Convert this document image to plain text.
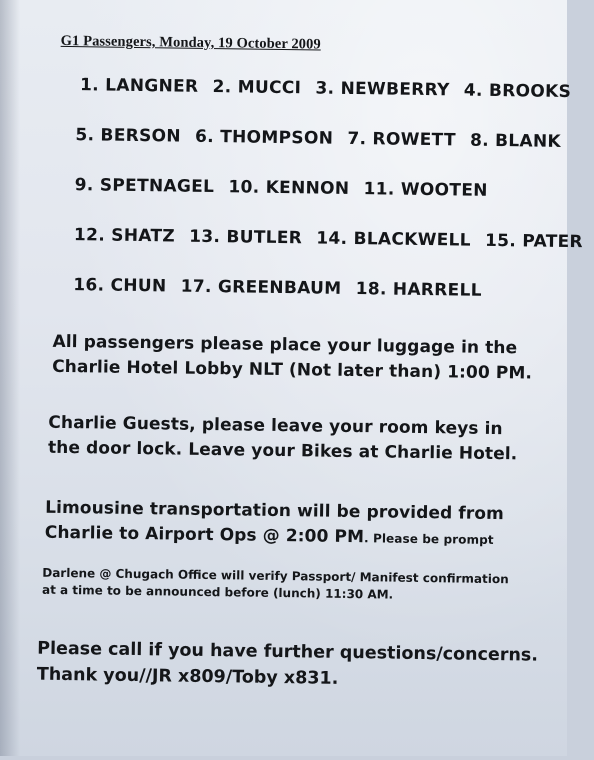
G1 Passengers, Monday, 19 October 2009
1. LANGNER 2. MUCCI 3. NEWBERRY 4. BROOKS
5. BERSON 6. THOMPSON 7. ROWETT 8. BLANK
9. SPETNAGEL 10. KENNON 11. WOOTEN
12. SHATZ 13. BUTLER 14. BLACKWELL 15. PATER
16. CHUN 17. GREENBAUM 18. HARRELL
All passengers please place your luggage in the
Charlie Hotel Lobby NLT (Not later than) 1:00 PM.
Charlie Guests, please leave your room keys in
the door lock. Leave your Bikes at Charlie Hotel.
Limousine transportation will be provided from
Charlie to Airport Ops @ 2:00 PM. Please be prompt
Darlene @ Chugach Office will verify Passport/ Manifest confirmation
at a time to be announced before (lunch) 11:30 AM.
Please call if you have further questions/concerns.
Thank you//JR x809/Toby x831.
